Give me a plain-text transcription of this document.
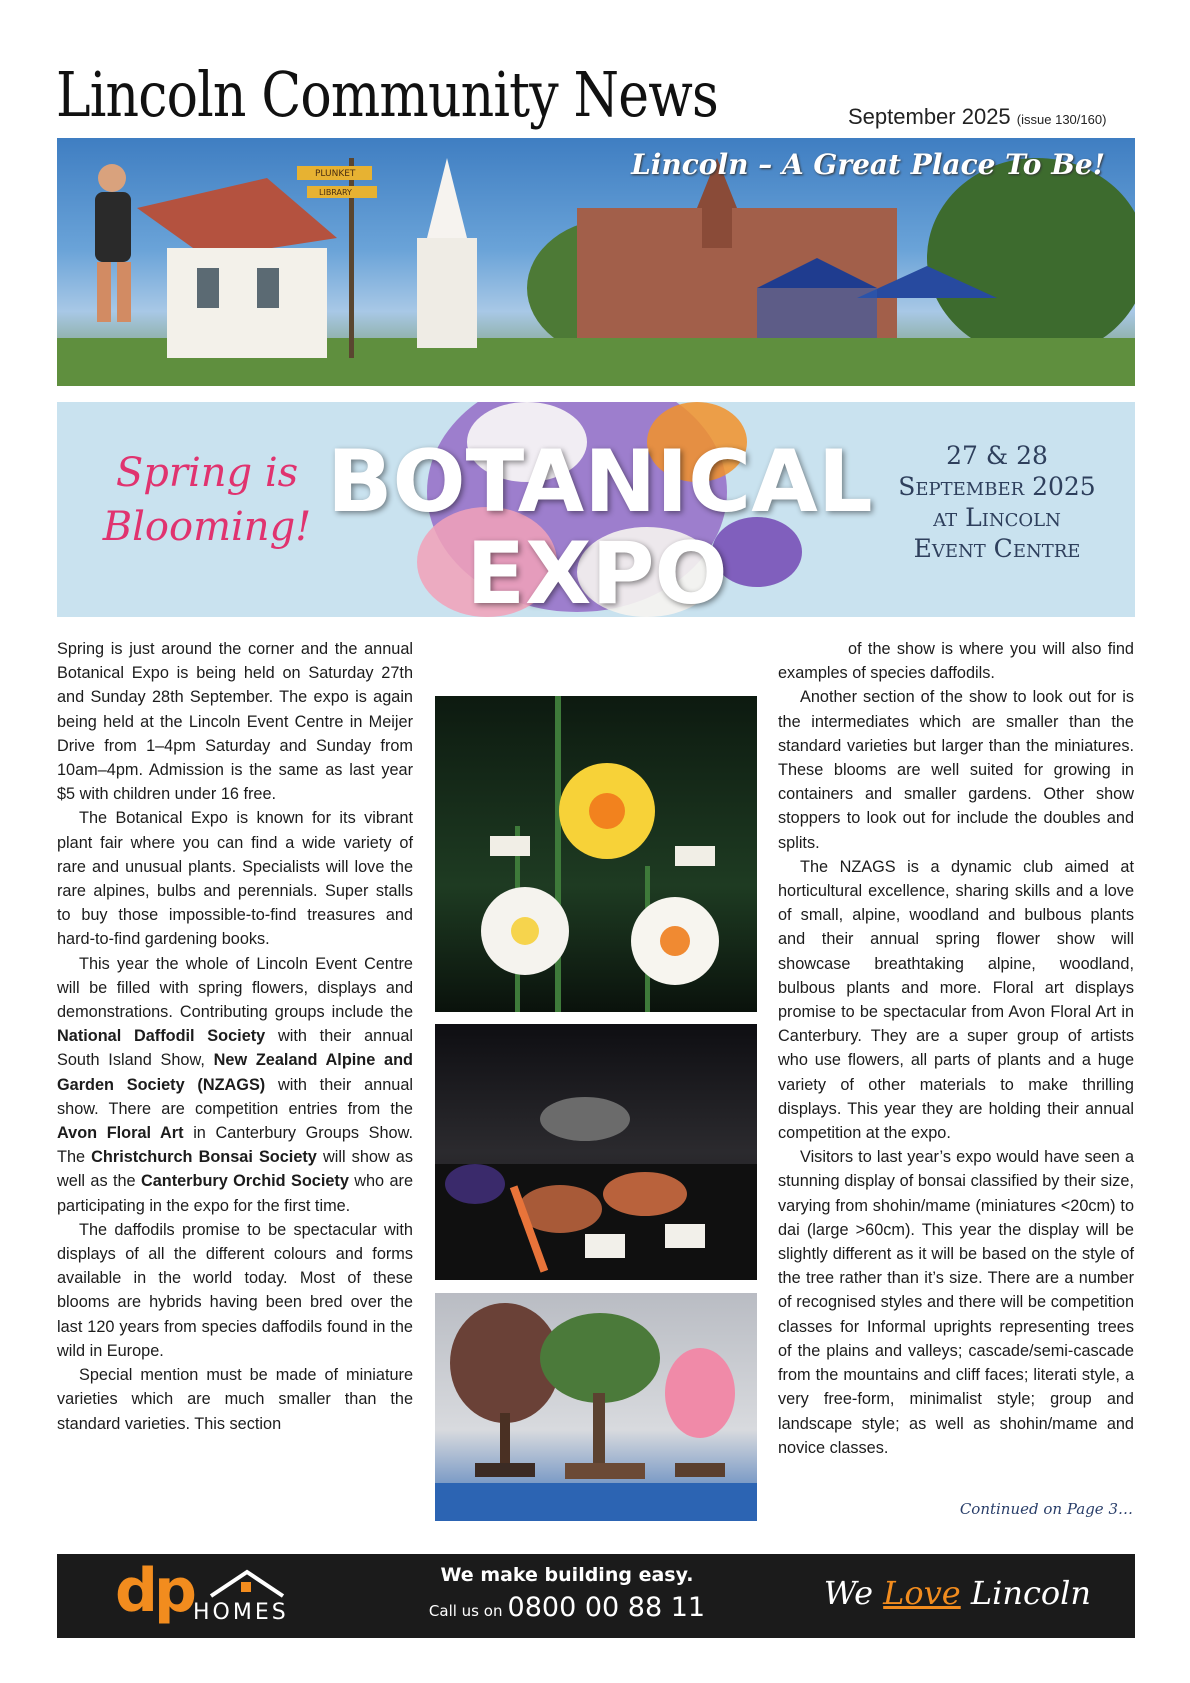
Lincoln Community News	September 2025 (issue 130/160)
PLUNKET
LIBRARY
Lincoln – A Great Place To Be!
Spring is
Blooming! BOTANICAL
EXPO
27 & 28
September 2025
at Lincoln
Event Centre

Spring is just around the corner and the annual Botanical Expo is being held on Saturday 27th and Sunday 28th September. The expo is again being held at the Lincoln Event Centre in Meijer Drive from 1–4pm Saturday and Sunday from 10am–4pm. Admission is the same as last year $5 with children under 16 free.

The Botanical Expo is known for its vibrant plant fair where you can find a wide variety of rare and unusual plants. Specialists will love the rare alpines, bulbs and perennials. Super stalls to buy those impossible-to-find treasures and hard-to-find gardening books.

This year the whole of Lincoln Event Centre will be filled with spring flowers, displays and demonstrations. Contributing groups include the National Daffodil Society with their annual South Island Show, New Zealand Alpine and Garden Society (NZAGS) with their annual show. There are competition entries from the Avon Floral Art in Canterbury Groups Show. The Christchurch Bonsai Society will show as well as the Canterbury Orchid Society who are participating in the expo for the first time.

The daffodils promise to be spectacular with displays of all the different colours and forms available in the world today. Most of these blooms are hybrids having been bred over the last 120 years from species daffodils found in the wild in Europe.

Special mention must be made of miniature varieties which are much smaller than the standard varieties. This section

of the show is where you will also find examples of species daffodils.

Another section of the show to look out for is the intermediates which are smaller than the standard varieties but larger than the miniatures. These blooms are well suited for growing in containers and smaller gardens. Other show stoppers to look out for include the doubles and splits.

The NZAGS is a dynamic club aimed at horticultural excellence, sharing skills and a love of small, alpine, woodland and bulbous plants and their annual spring flower show will showcase breathtaking alpine, woodland, bulbous plants and more. Floral art displays promise to be spectacular from Avon Floral Art in Canterbury. They are a super group of artists who use flowers, all parts of plants and a huge variety of other materials to make thrilling displays. This year they are holding their annual competition at the expo.

Visitors to last year’s expo would have seen a stunning display of bonsai classified by their size, varying from shohin/mame (miniatures <20cm) to dai (large >60cm). This year the display will be slightly different as it will be based on the style of the tree rather than it’s size. There are a number of recognised styles and there will be competition classes for Informal uprights representing trees of the plains and valleys; cascade/semi-cascade from the mountains and cliff faces; literati style, a very free-form, minimalist style; group and landscape style; as well as shohin/mame and novice classes.

Continued on Page 3…
dp HOMES
We make building easy.
Call us on 0800 00 88 11	We Love Lincoln
